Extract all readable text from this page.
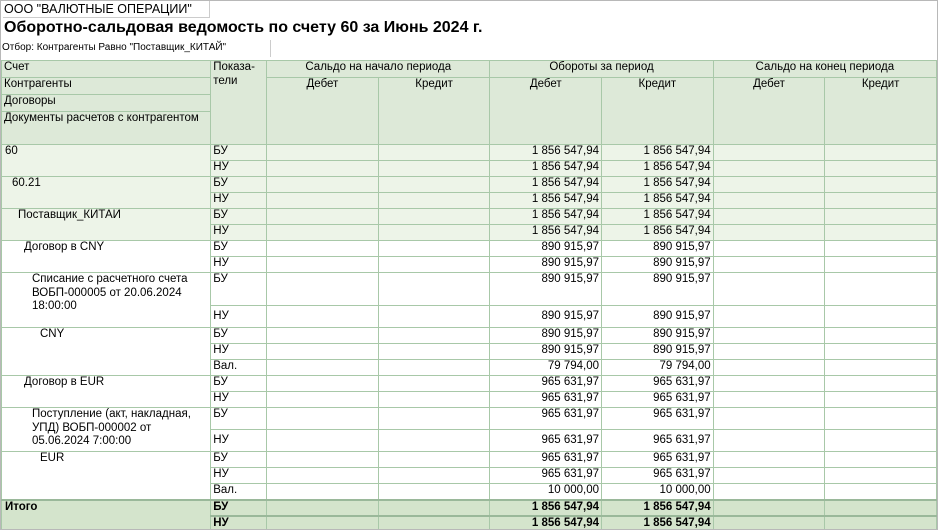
ООО "ВАЛЮТНЫЕ ОПЕРАЦИИ"
Оборотно-сальдовая ведомость по счету 60 за Июнь 2024 г.
Отбор: Контрагенты Равно "Поставщик_КИТАЙ"
Счет	Показа-тели	Сальдо на начало периода		Обороты за период		Сальдо на конец периода	
Контрагенты		Дебет	Кредит	Дебет	Кредит	Дебет	Кредит
Договоры							
Документы расчетов с контрагентом							
60	БУ			1 856 547,94	1 856 547,94		
	НУ			1 856 547,94	1 856 547,94		
60.21	БУ			1 856 547,94	1 856 547,94		
	НУ			1 856 547,94	1 856 547,94		
Поставщик_КИТАЙ	БУ			1 856 547,94	1 856 547,94		
	НУ			1 856 547,94	1 856 547,94		
Договор в CNY	БУ			890 915,97	890 915,97		
	НУ			890 915,97	890 915,97		
Списание с расчетного счета ВОБП-000005 от 20.06.2024 18:00:00	БУ			890 915,97	890 915,97		
	НУ			890 915,97	890 915,97		
CNY	БУ			890 915,97	890 915,97		
	НУ			890 915,97	890 915,97		
	Вал.			79 794,00	79 794,00		
Договор в EUR	БУ			965 631,97	965 631,97		
	НУ			965 631,97	965 631,97		
Поступление (акт, накладная, УПД) ВОБП-000002 от 05.06.2024 7:00:00	БУ			965 631,97	965 631,97		
	НУ			965 631,97	965 631,97		
EUR	БУ			965 631,97	965 631,97		
	НУ			965 631,97	965 631,97		
	Вал.			10 000,00	10 000,00		
Итого	БУ			1 856 547,94	1 856 547,94		
	НУ			1 856 547,94	1 856 547,94		
